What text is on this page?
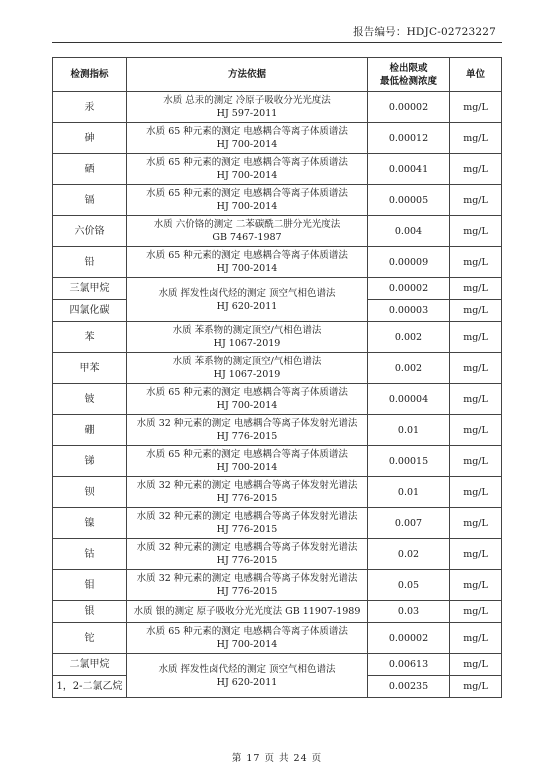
报告编号：HDJC-02723227
检测指标	方法依据	检出限或
最低检测浓度	单位
汞	水质 总汞的测定 冷原子吸收分光光度法
HJ 597-2011	0.00002	mg/L
砷	水质 65 种元素的测定 电感耦合等离子体质谱法
HJ 700-2014	0.00012	mg/L
硒	水质 65 种元素的测定 电感耦合等离子体质谱法
HJ 700-2014	0.00041	mg/L
镉	水质 65 种元素的测定 电感耦合等离子体质谱法
HJ 700-2014	0.00005	mg/L
六价铬	水质 六价铬的测定 二苯碳酰二肼分光光度法
GB 7467-1987	0.004	mg/L
铅	水质 65 种元素的测定 电感耦合等离子体质谱法
HJ 700-2014	0.00009	mg/L
三氯甲烷	水质 挥发性卤代烃的测定 顶空气相色谱法
HJ 620-2011	0.00002	mg/L
四氯化碳		0.00003	mg/L
苯	水质 苯系物的测定顶空/气相色谱法
HJ 1067-2019	0.002	mg/L
甲苯	水质 苯系物的测定顶空/气相色谱法
HJ 1067-2019	0.002	mg/L
铍	水质 65 种元素的测定 电感耦合等离子体质谱法
HJ 700-2014	0.00004	mg/L
硼	水质 32 种元素的测定 电感耦合等离子体发射光谱法
HJ 776-2015	0.01	mg/L
锑	水质 65 种元素的测定 电感耦合等离子体质谱法
HJ 700-2014	0.00015	mg/L
钡	水质 32 种元素的测定 电感耦合等离子体发射光谱法
HJ 776-2015	0.01	mg/L
镍	水质 32 种元素的测定 电感耦合等离子体发射光谱法
HJ 776-2015	0.007	mg/L
钴	水质 32 种元素的测定 电感耦合等离子体发射光谱法
HJ 776-2015	0.02	mg/L
钼	水质 32 种元素的测定 电感耦合等离子体发射光谱法
HJ 776-2015	0.05	mg/L
银	水质 银的测定 原子吸收分光光度法 GB 11907-1989	0.03	mg/L
铊	水质 65 种元素的测定 电感耦合等离子体质谱法
HJ 700-2014	0.00002	mg/L
二氯甲烷	水质 挥发性卤代烃的测定 顶空气相色谱法
HJ 620-2011	0.00613	mg/L
1，2-二氯乙烷		0.00235	mg/L
第 17 页 共 24 页
